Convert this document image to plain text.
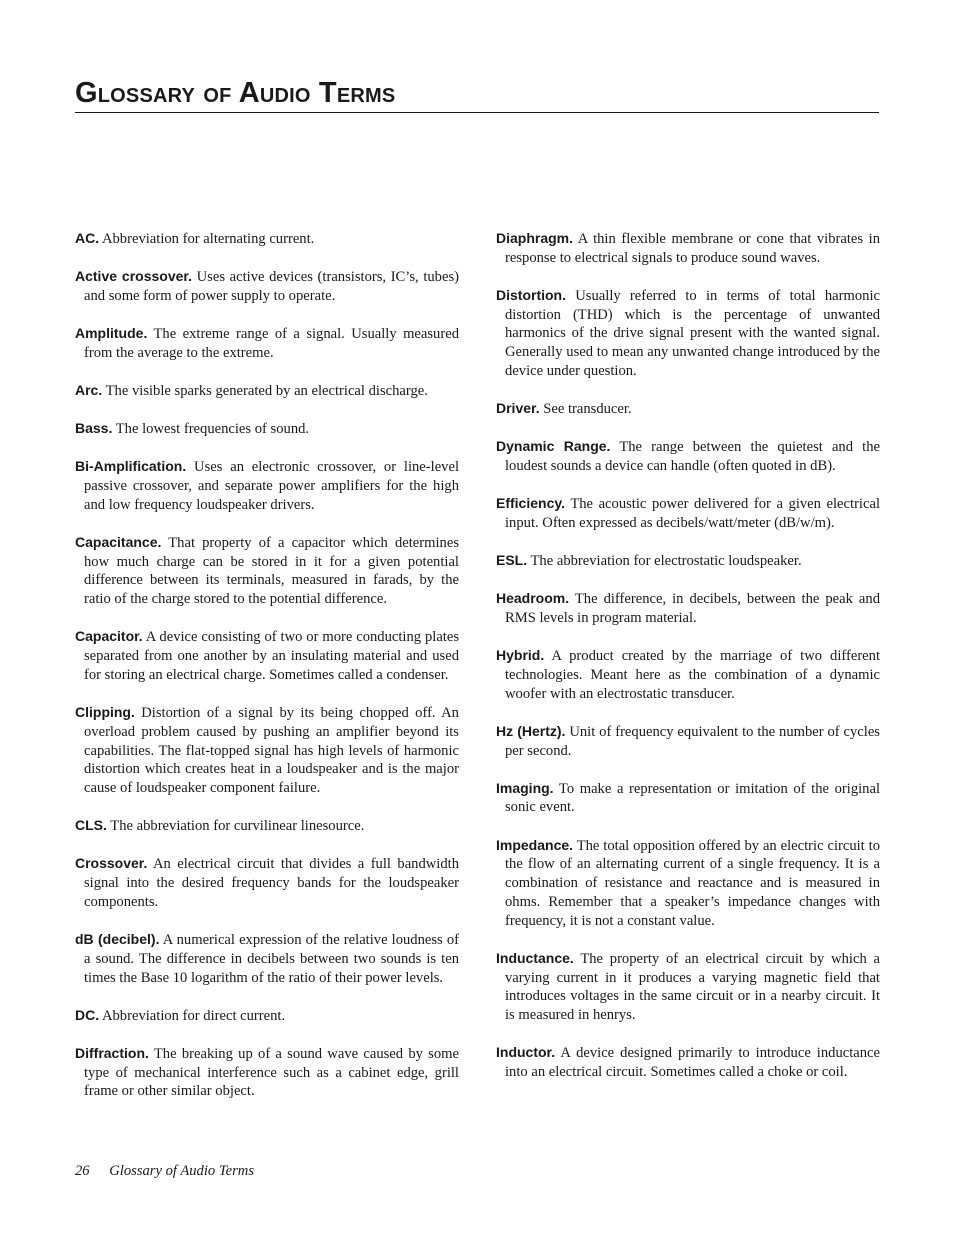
Glossary of Audio Terms

AC. Abbreviation for alternating current.

Active crossover. Uses active devices (transistors, IC’s, tubes) and some form of power supply to operate.

Amplitude. The extreme range of a signal. Usually measured from the average to the extreme.

Arc. The visible sparks generated by an electrical discharge.

Bass. The lowest frequencies of sound.

Bi-Amplification. Uses an electronic crossover, or line-level passive crossover, and separate power amplifiers for the high and low frequency loudspeaker drivers.

Capacitance. That property of a capacitor which determines how much charge can be stored in it for a given potential difference between its terminals, measured in farads, by the ratio of the charge stored to the potential difference.

Capacitor. A device consisting of two or more conducting plates separated from one another by an insulating material and used for storing an electrical charge. Sometimes called a condenser.

Clipping. Distortion of a signal by its being chopped off. An overload problem caused by pushing an amplifier beyond its capabilities. The flat-topped signal has high levels of harmonic distortion which creates heat in a loudspeaker and is the major cause of loudspeaker component failure.

CLS. The abbreviation for curvilinear linesource.

Crossover. An electrical circuit that divides a full bandwidth signal into the desired frequency bands for the loudspeaker components.

dB (decibel). A numerical expression of the relative loudness of a sound. The difference in decibels between two sounds is ten times the Base 10 logarithm of the ratio of their power levels.

DC. Abbreviation for direct current.

Diffraction. The breaking up of a sound wave caused by some type of mechanical interference such as a cabinet edge, grill frame or other similar object.

Diaphragm. A thin flexible membrane or cone that vibrates in response to electrical signals to produce sound waves.

Distortion. Usually referred to in terms of total harmonic distortion (THD) which is the percentage of unwanted harmonics of the drive signal present with the wanted signal. Generally used to mean any unwanted change introduced by the device under question.

Driver. See transducer.

Dynamic Range. The range between the quietest and the loudest sounds a device can handle (often quoted in dB).

Efficiency. The acoustic power delivered for a given electrical input. Often expressed as decibels/watt/meter (dB/w/m).

ESL. The abbreviation for electrostatic loudspeaker.

Headroom. The difference, in decibels, between the peak and RMS levels in program material.

Hybrid. A product created by the marriage of two different technologies. Meant here as the combination of a dynamic woofer with an electrostatic transducer.

Hz (Hertz). Unit of frequency equivalent to the number of cycles per second.

Imaging. To make a representation or imitation of the original sonic event.

Impedance. The total opposition offered by an electric circuit to the flow of an alternating current of a single frequency. It is a combination of resistance and reactance and is measured in ohms. Remember that a speaker’s impedance changes with frequency, it is not a constant value.

Inductance. The property of an electrical circuit by which a varying current in it produces a varying magnetic field that introduces voltages in the same circuit or in a nearby circuit. It is measured in henrys.

Inductor. A device designed primarily to introduce inductance into an electrical circuit. Sometimes called a choke or coil.

26 Glossary of Audio Terms
